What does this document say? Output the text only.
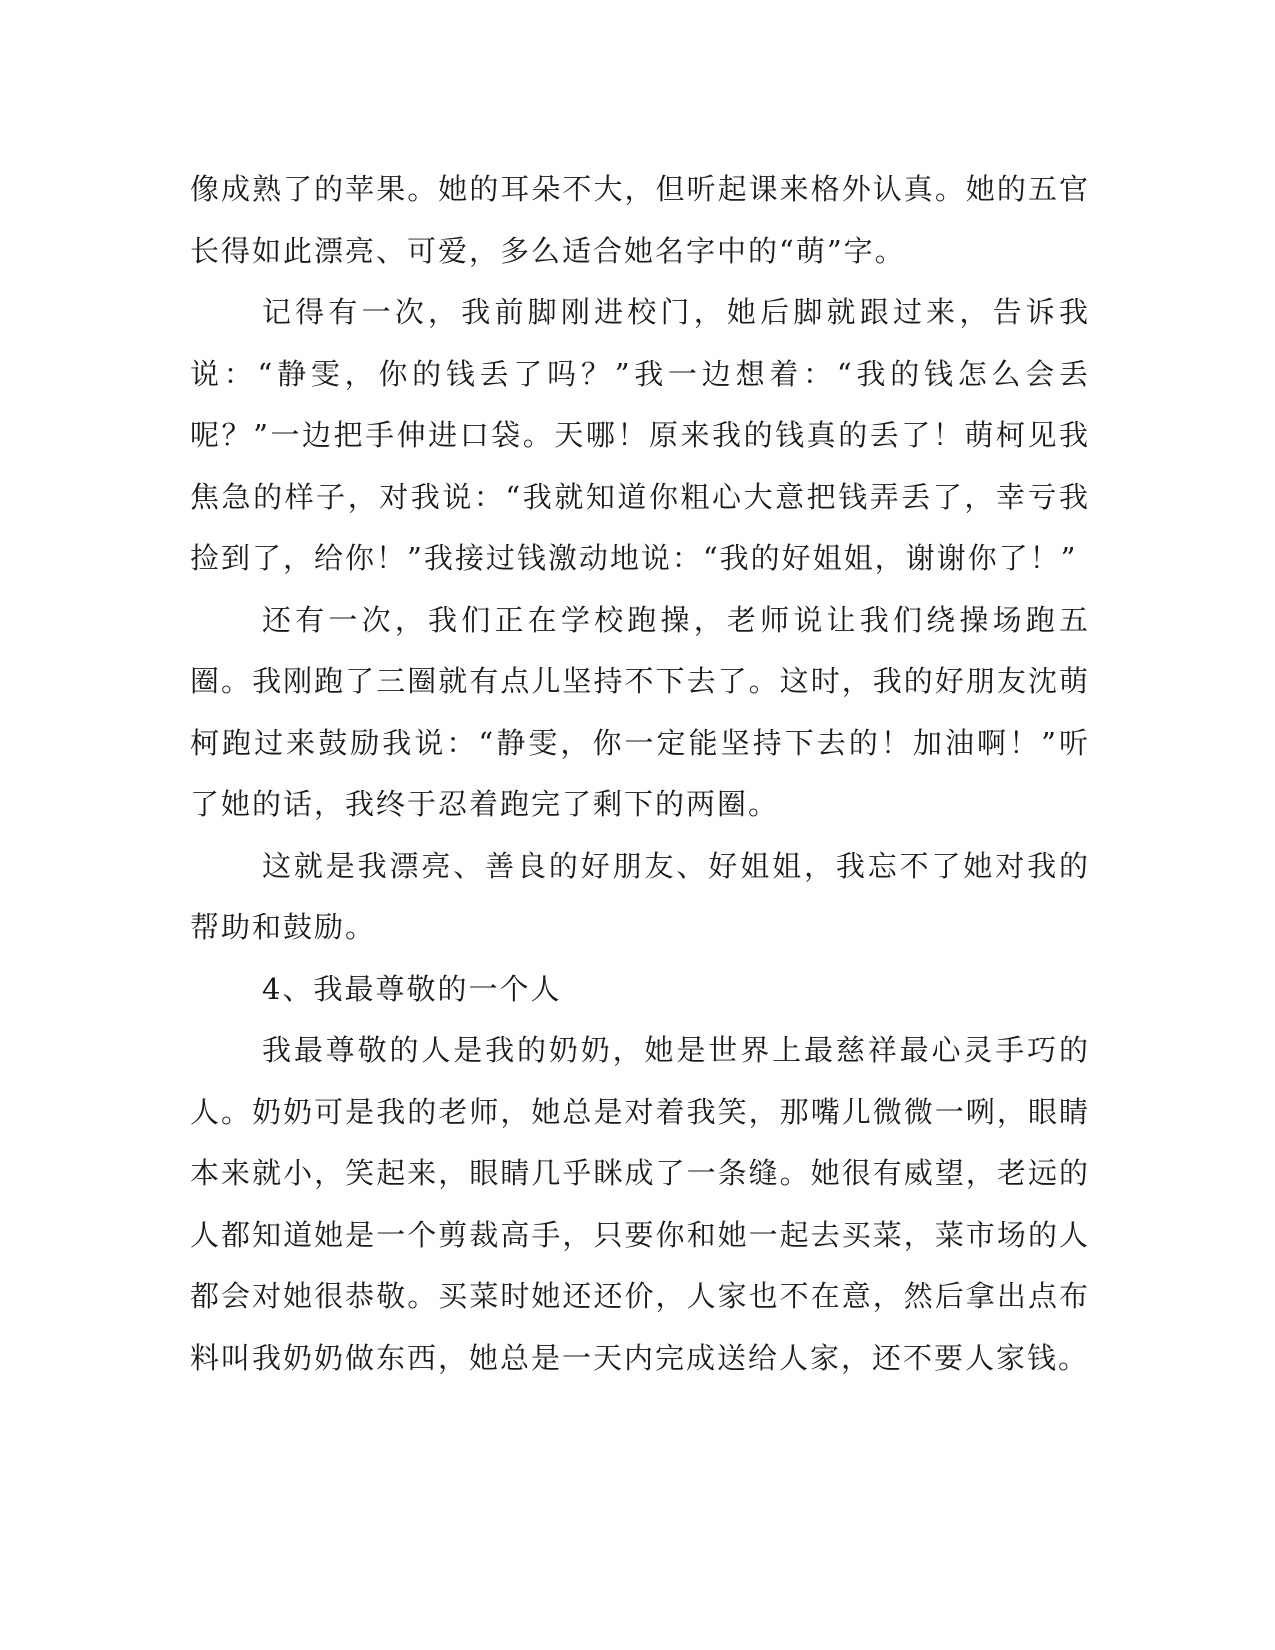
像成熟了的苹果。她的耳朵不大，但听起课来格外认真。她的五官长得如此漂亮、可爱，多么适合她名字中的“萌”字。

记得有一次，我前脚刚进校门，她后脚就跟过来，告诉我说：“静雯，你的钱丢了吗？”我一边想着：“我的钱怎么会丢呢？”一边把手伸进口袋。天哪！原来我的钱真的丢了！萌柯见我焦急的样子，对我说：“我就知道你粗心大意把钱弄丢了，幸亏我捡到了，给你！”我接过钱激动地说：“我的好姐姐，谢谢你了！”

还有一次，我们正在学校跑操，老师说让我们绕操场跑五圈。我刚跑了三圈就有点儿坚持不下去了。这时，我的好朋友沈萌柯跑过来鼓励我说：“静雯，你一定能坚持下去的！加油啊！”听了她的话，我终于忍着跑完了剩下的两圈。

这就是我漂亮、善良的好朋友、好姐姐，我忘不了她对我的帮助和鼓励。

4、我最尊敬的一个人

我最尊敬的人是我的奶奶，她是世界上最慈祥最心灵手巧的人。奶奶可是我的老师，她总是对着我笑，那嘴儿微微一咧，眼睛本来就小，笑起来，眼睛几乎眯成了一条缝。她很有威望，老远的人都知道她是一个剪裁高手，只要你和她一起去买菜，菜市场的人都会对她很恭敬。买菜时她还还价，人家也不在意，然后拿出点布料叫我奶奶做东西，她总是一天内完成送给人家，还不要人家钱。
